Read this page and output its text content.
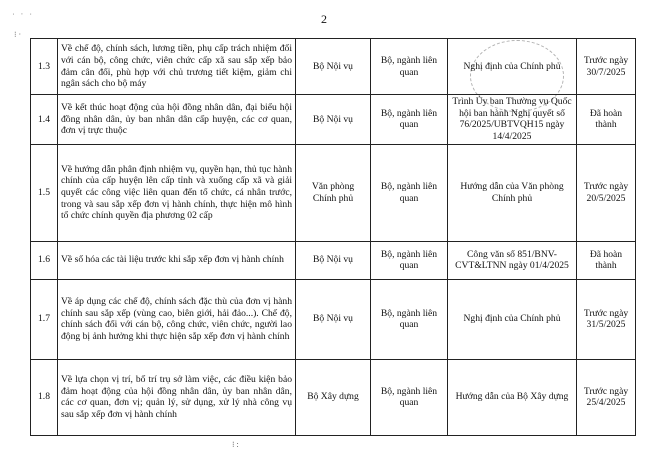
˙ ˈ ˙
⁝ ·
2
1.3	Về chế độ, chính sách, lương tiền, phụ cấp trách nhiệm đối với cán bộ, công chức, viên chức cấp xã sau sắp xếp bảo đảm cân đối, phù hợp với chủ trương tiết kiệm, giảm chi ngân sách cho bộ máy	Bộ Nội vụ	Bộ, ngành liên quan	Nghị định của Chính phủ	Trước ngày 30/7/2025
1.4	Về kết thúc hoạt động của hội đồng nhân dân, đại biểu hội đồng nhân dân, ủy ban nhân dân cấp huyện, các cơ quan, đơn vị trực thuộc	Bộ Nội vụ	Bộ, ngành liên quan	Trình Ủy ban Thường vụ Quốc hội ban hành Nghị quyết số 76/2025/UBTVQH15 ngày 14/4/2025	Đã hoàn thành
1.5	Về hướng dẫn phân định nhiệm vụ, quyền hạn, thủ tục hành chính của cấp huyện lên cấp tỉnh và xuống cấp xã và giải quyết các công việc liên quan đến tổ chức, cá nhân trước, trong và sau sắp xếp đơn vị hành chính, thực hiện mô hình tổ chức chính quyền địa phương 02 cấp	Văn phòng Chính phủ	Bộ, ngành liên quan	Hướng dẫn của Văn phòng Chính phủ	Trước ngày 20/5/2025
1.6	Về số hóa các tài liệu trước khi sắp xếp đơn vị hành chính	Bộ Nội vụ	Bộ, ngành liên quan	Công văn số 851/BNV-CVT&LTNN ngày 01/4/2025	Đã hoàn thành
1.7	Về áp dụng các chế độ, chính sách đặc thù của đơn vị hành chính sau sắp xếp (vùng cao, biên giới, hải đảo...). Chế độ, chính sách đối với cán bộ, công chức, viên chức, người lao động bị ảnh hưởng khi thực hiện sắp xếp đơn vị hành chính	Bộ Nội vụ	Bộ, ngành liên quan	Nghị định của Chính phủ	Trước ngày 31/5/2025
1.8	Về lựa chọn vị trí, bố trí trụ sở làm việc, các điều kiện bảo đảm hoạt động của hội đồng nhân dân, ủy ban nhân dân, các cơ quan, đơn vị; quản lý, sử dụng, xử lý nhà công vụ sau sắp xếp đơn vị hành chính	Bộ Xây dựng	Bộ, ngành liên quan	Hướng dẫn của Bộ Xây dựng	Trước ngày 25/4/2025
⁝ :
